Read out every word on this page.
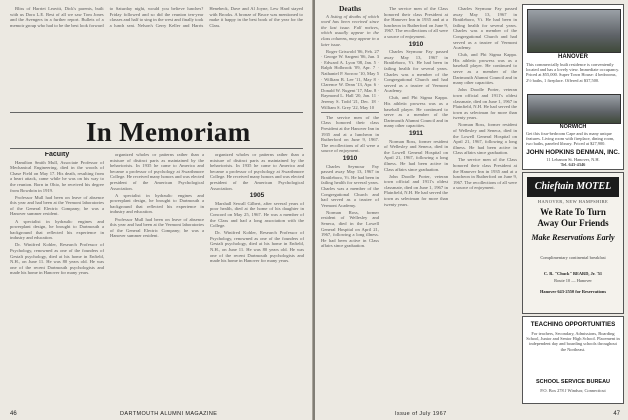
Bliss of Harriet Leavitt, Dick's parents, built with us Dora L.E. Best of all we saw Tom Jones and the Avengers in a further report. Bullets of a memoir group who had to be the best look forward to Saturday night, would you believe lunches? Friday followed and so did the reunion ten-year classes and half to sing in the west and finally took a lunch seat. Nelson's Gerry Keller and Harris Henebeck, Dave and Al Joyne, Lew Hard stayed with Brooks. A bronze of Bruce was mentioned to make it happy in the best book of the year for the Class.

In Memoriam
Faculty

Hamilton Smith Mull, Associate Professor of Mechanical Engineering, died in the woods of Chase Field on May 17. His death, resulting from a heart attack, came while he was on his way to the reunion. Born in Ohio, he received his degree from Bowdoin in 1919.

Professor Mull had been on leave of absence this year and had been at the Vermont laboratories of the General Electric Company; he was a Hanover summer resident.

A specialist in hydraulic engines and powerplant design, he brought to Dartmouth a background that reflected his experience in industry and education.

Dr. Winifred Kohler, Research Professor of Psychology, renowned as one of the founders of Gestalt psychology, died at his home in Enfield, N.H., on June 11. He was 80 years old. He was one of the recent Dartmouth psychologists and made his home in Hanover for many years.

organized wholes or patterns rather than a mixture of distinct parts as maintained by the behaviorists. In 1935 he came to America and became a professor of psychology at Swarthmore College. He received many honors and was elected president of the American Psychological Association.

A specialist in hydraulic engines and powerplant design, he brought to Dartmouth a background that reflected his experience in industry and education.

Professor Mull had been on leave of absence this year and had been at the Vermont laboratories of the General Electric Company; he was a Hanover summer resident.

organized wholes or patterns rather than a mixture of distinct parts as maintained by the behaviorists. In 1935 he came to America and became a professor of psychology at Swarthmore College. He received many honors and was elected president of the American Psychological Association.

1905

Marshall Sewall Gilbert, after several years of poor health, died at the home of his daughter in Concord on May 25, 1967. He was a member of the Class and had a long association with the College.

Dr. Winifred Kohler, Research Professor of Psychology, renowned as one of the founders of Gestalt psychology, died at his home in Enfield, N.H., on June 11. He was 80 years old. He was one of the recent Dartmouth psychologists and made his home in Hanover for many years.

46	DARTMOUTH ALUMNI MAGAZINE
Deaths

A listing of deaths of which word has been received since the last issue. Full notices, which usually appear in the class columns, may appear in a later issue.

Roger Griswold '06, Feb. 27 · George W. Sargent '06, Jun. 3 · Edward A. Lyon '08, Jan. 5 · Ralph Holbrook '09, Apr. 7 · Nathaniel P. Sorrow '10, May 5 · William B. Lee '11, May 8 · Clarence W. Dean '13, Apr. 6 · Donald W. Nugent '17, Mar. 8 · Raymond L. Hall '20, Jan. 11 · Jeremy S. Todd '21, Dec. 18 · William S. Grey '22, May 10

The service men of the Class honored their class President at the Hanover Inn in 1935 and at a luncheon in Rutherford on June 9, 1967. The recollections of all were a source of enjoyment.

1910

Charles Seymour Fay passed away May 13, 1967 in Brattleboro, Vt. He had been in failing health for several years. Charles was a member of the Congregational Church and had served as a trustee of Vermont Academy.

Norman Ross, former resident of Wellesley and Seneca, died in the Lowell General Hospital on April 21, 1967, following a long illness. He had been active in Class affairs since graduation.

The service men of the Class honored their class President at the Hanover Inn in 1935 and at a luncheon in Rutherford on June 9, 1967. The recollections of all were a source of enjoyment.

1910

Charles Seymour Fay passed away May 13, 1967 in Brattleboro, Vt. He had been in failing health for several years. Charles was a member of the Congregational Church and had served as a trustee of Vermont Academy.

Club, and Phi Sigma Kappa. His athletic prowess was as a baseball player. He continued to serve as a member of the Dartmouth Alumni Council and in many other capacities.

1911

Norman Ross, former resident of Wellesley and Seneca, died in the Lowell General Hospital on April 21, 1967, following a long illness. He had been active in Class affairs since graduation.

John Doodle Porter, veteran town official and 1911's oldest classmate, died on June 1, 1967 in Plainfield, N.H. He had served the town as selectman for more than twenty years.

Charles Seymour Fay passed away May 13, 1967 in Brattleboro, Vt. He had been in failing health for several years. Charles was a member of the Congregational Church and had served as a trustee of Vermont Academy.

Club, and Phi Sigma Kappa. His athletic prowess was as a baseball player. He continued to serve as a member of the Dartmouth Alumni Council and in many other capacities.

John Doodle Porter, veteran town official and 1911's oldest classmate, died on June 1, 1967 in Plainfield, N.H. He had served the town as selectman for more than twenty years.

Norman Ross, former resident of Wellesley and Seneca, died in the Lowell General Hospital on April 21, 1967, following a long illness. He had been active in Class affairs since graduation.

The service men of the Class honored their class President at the Hanover Inn in 1935 and at a luncheon in Rutherford on June 9, 1967. The recollections of all were a source of enjoyment.

HANOVER
This commercially built residence is conveniently located and has a lovely view. Immediate occupancy. Priced at $55,000. Super Town House: 4 bedrooms, 2½ baths, 1 fireplace. Offered at $37,500.
NORWICH
Get this four-bedroom Cape and its many unique features. Living room with fireplace, dining room, two baths, paneled library. Priced at $27,900.
JOHN HOPKINS DENMAN, INC.
11 Lebanon St. Hanover, N.H.
Tel. 643-4346
Chieftain MOTEL
HANOVER, NEW HAMPSHIRE
We Rate To Turn
Away Our Friends
Make Reservations Early
Complimentary continental breakfast
C. R. "Chuck" BEARD, Jr. '51
Route 10 — Hanover
Hanover 643-2550 for Reservations
TEACHING OPPORTUNITIES
For teachers, Secondary, Admissions, Boarding School, Junior and Senior High School. Placement in independent day and boarding schools throughout the Northeast.
SCHOOL SERVICE BUREAU
P.O. Box 278 J Windsor, Connecticut
Issue of July 1967	47
